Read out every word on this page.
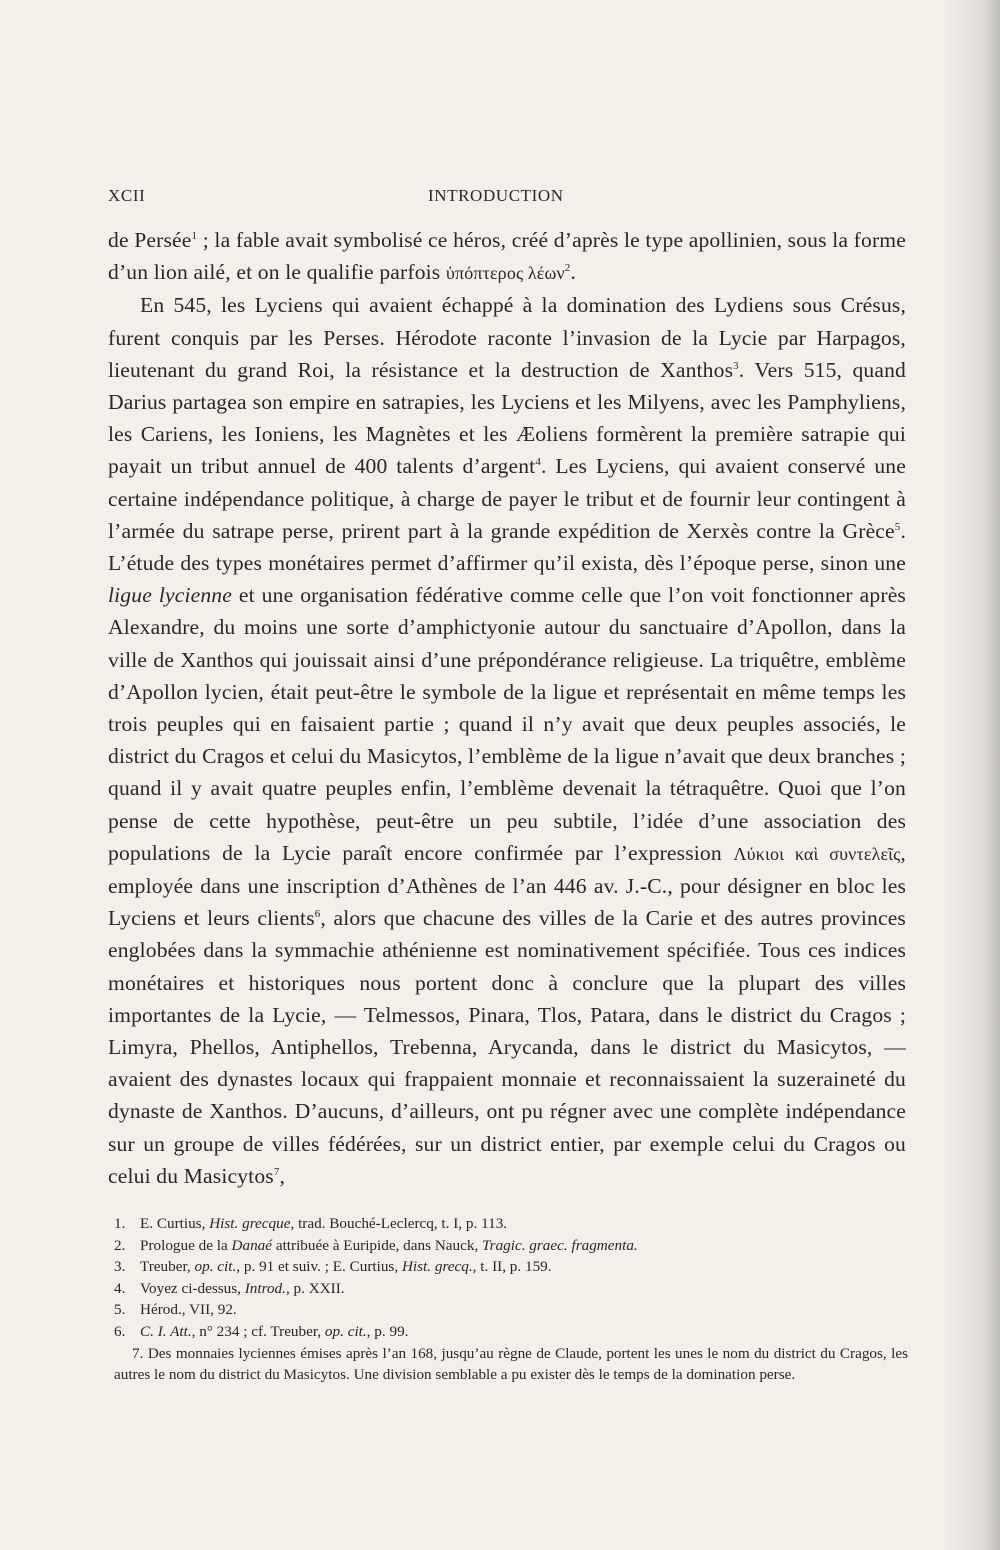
XCII	INTRODUCTION

de Persée$^1$ ; la fable avait symbolisé ce héros, créé d’après le type apollinien, sous la forme d’un lion ailé, et on le qualifie parfois ὑπόπτερος λέων$^2$.

En 545, les Lyciens qui avaient échappé à la domination des Lydiens sous Crésus, furent conquis par les Perses. Hérodote raconte l’invasion de la Lycie par Harpagos, lieutenant du grand Roi, la résistance et la destruction de Xanthos$^3$. Vers 515, quand Darius partagea son empire en satrapies, les Lyciens et les Milyens, avec les Pamphyliens, les Cariens, les Ioniens, les Magnètes et les Æoliens formèrent la première satrapie qui payait un tribut annuel de 400 talents d’argent$^4$. Les Lyciens, qui avaient conservé une certaine indépendance politique, à charge de payer le tribut et de fournir leur contingent à l’armée du satrape perse, prirent part à la grande expédition de Xerxès contre la Grèce$^5$. L’étude des types monétaires permet d’affirmer qu’il exista, dès l’époque perse, sinon une ligue lycienne et une organisation fédérative comme celle que l’on voit fonctionner après Alexandre, du moins une sorte d’amphictyonie autour du sanctuaire d’Apollon, dans la ville de Xanthos qui jouissait ainsi d’une prépondérance religieuse. La triquêtre, emblème d’Apollon lycien, était peut-être le symbole de la ligue et représentait en même temps les trois peuples qui en faisaient partie ; quand il n’y avait que deux peuples associés, le district du Cragos et celui du Masicytos, l’emblème de la ligue n’avait que deux branches ; quand il y avait quatre peuples enfin, l’emblème devenait la tétraquêtre. Quoi que l’on pense de cette hypothèse, peut-être un peu subtile, l’idée d’une association des populations de la Lycie paraît encore confirmée par l’expression Λύκιοι καὶ συντελεῖς, employée dans une inscription d’Athènes de l’an 446 av. J.-C., pour désigner en bloc les Lyciens et leurs clients$^6$, alors que chacune des villes de la Carie et des autres provinces englobées dans la symmachie athénienne est nominativement spécifiée. Tous ces indices monétaires et historiques nous portent donc à conclure que la plupart des villes importantes de la Lycie, — Telmessos, Pinara, Tlos, Patara, dans le district du Cragos ; Limyra, Phellos, Antiphellos, Trebenna, Arycanda, dans le district du Masicytos, — avaient des dynastes locaux qui frappaient monnaie et reconnaissaient la suzeraineté du dynaste de Xanthos. D’aucuns, d’ailleurs, ont pu régner avec une complète indépendance sur un groupe de villes fédérées, sur un district entier, par exemple celui du Cragos ou celui du Masicytos$^7$,

1. E. Curtius, Hist. grecque, trad. Bouché-Leclercq, t. I, p. 113.
2. Prologue de la Danaé attribuée à Euripide, dans Nauck, Tragic. graec. fragmenta.
3. Treuber, op. cit., p. 91 et suiv. ; E. Curtius, Hist. grecq., t. II, p. 159.
4. Voyez ci-dessus, Introd., p. XXII.
5. Hérod., VII, 92.
6. C. I. Att., n° 234 ; cf. Treuber, op. cit., p. 99.
7. Des monnaies lyciennes émises après l’an 168, jusqu’au règne de Claude, portent les unes le nom du district du Cragos, les autres le nom du district du Masicytos. Une division semblable a pu exister dès le temps de la domination perse.
